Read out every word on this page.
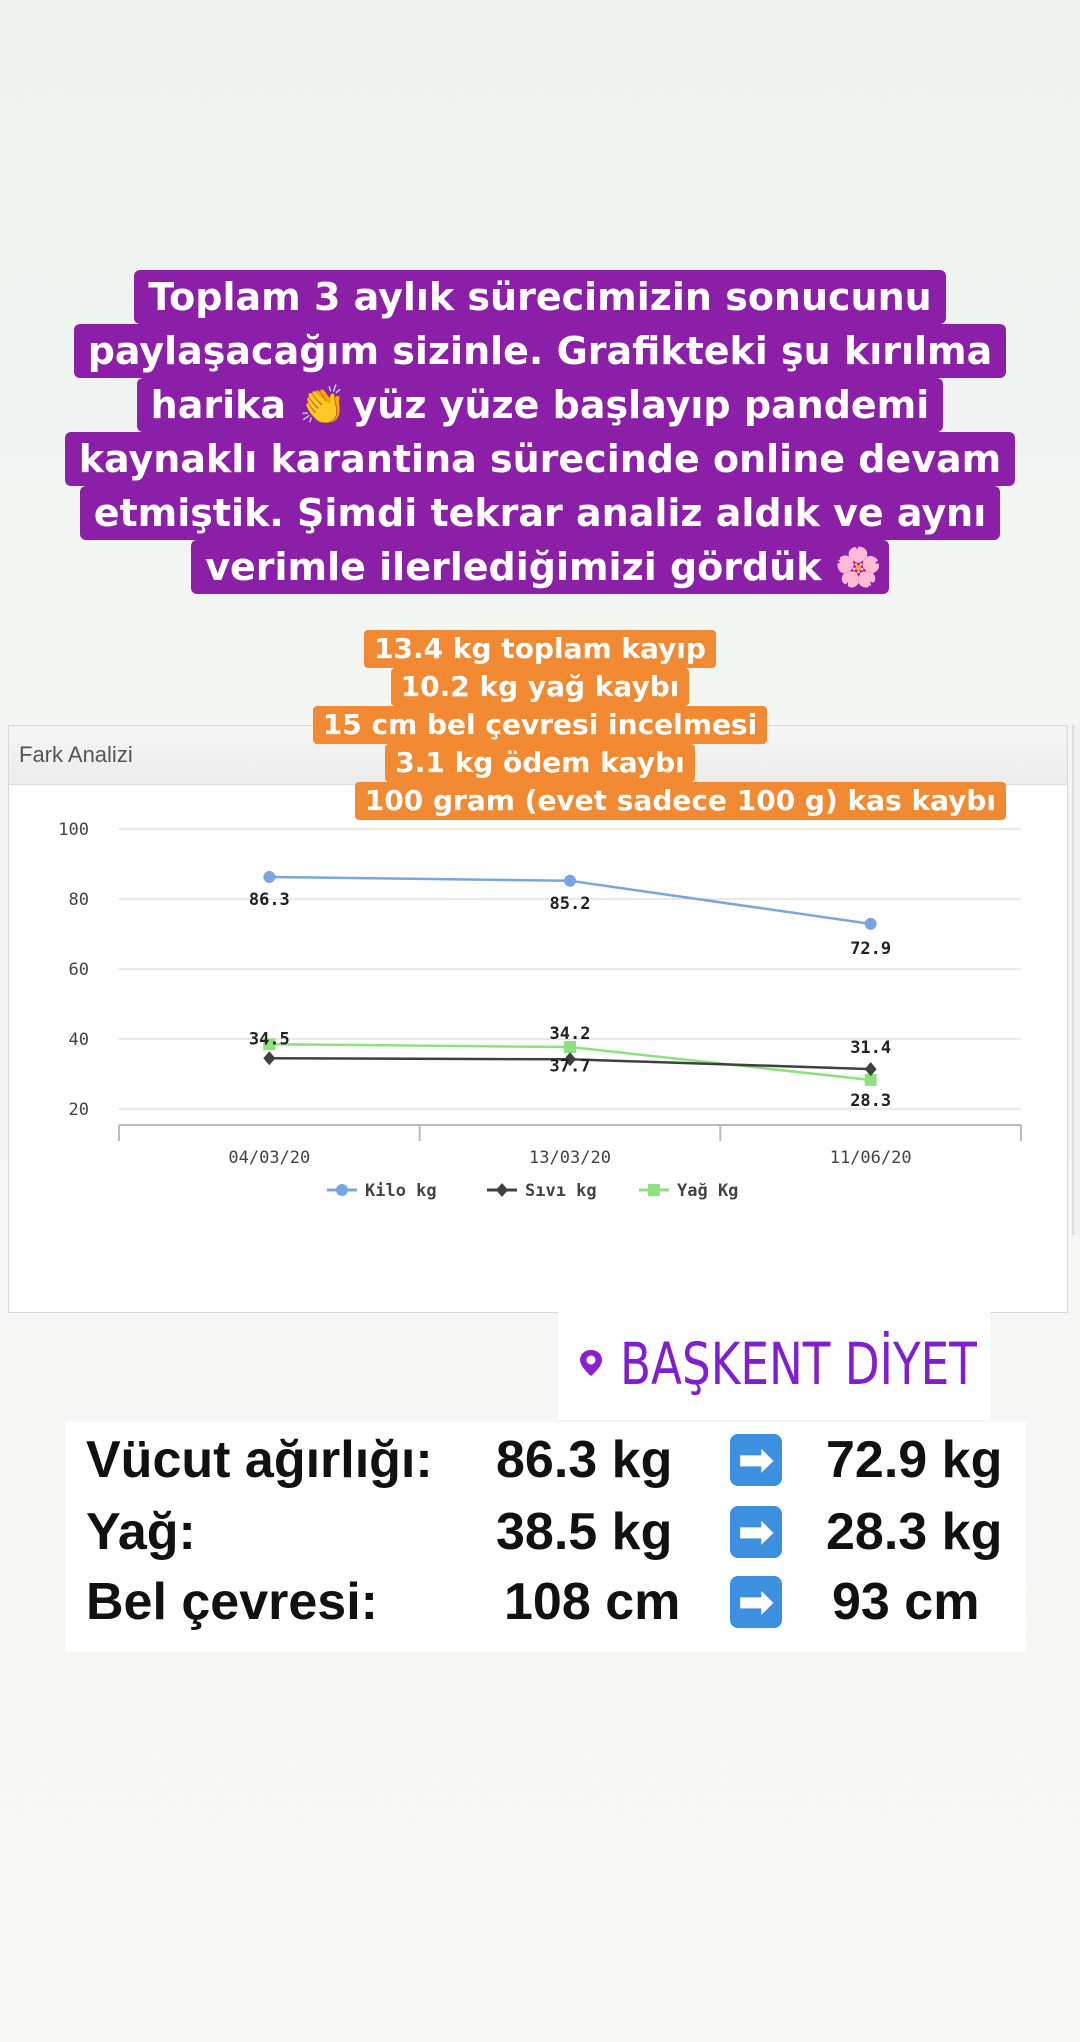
Toplam 3 aylık sürecimizin sonucunu
paylaşacağım sizinle. Grafikteki şu kırılma
harika 👏 yüz yüze başlayıp pandemi
kaynaklı karantina sürecinde online devam
etmiştik. Şimdi tekrar analiz aldık ve aynı
verimle ilerlediğimizi gördük 🌸
Fark Analizi
100
80
60
40
20
04/03/20	13/03/20	11/06/20
86.3	85.2
72.9
34.5
37.7
31.4
34.2
28.3
Kilo kg	Sıvı kg	Yağ Kg
13.4 kg toplam kayıp
10.2 kg yağ kaybı
15 cm bel çevresi incelmesi
3.1 kg ödem kaybı
100 gram (evet sadece 100 g) kas kaybı
BAŞKENT DİYET
Vücut ağırlığı: 86.3 kg ➡ 72.9 kg
Yağ:	38.5 kg ➡ 28.3 kg
Bel çevresi: 108 cm ➡ 93 cm
